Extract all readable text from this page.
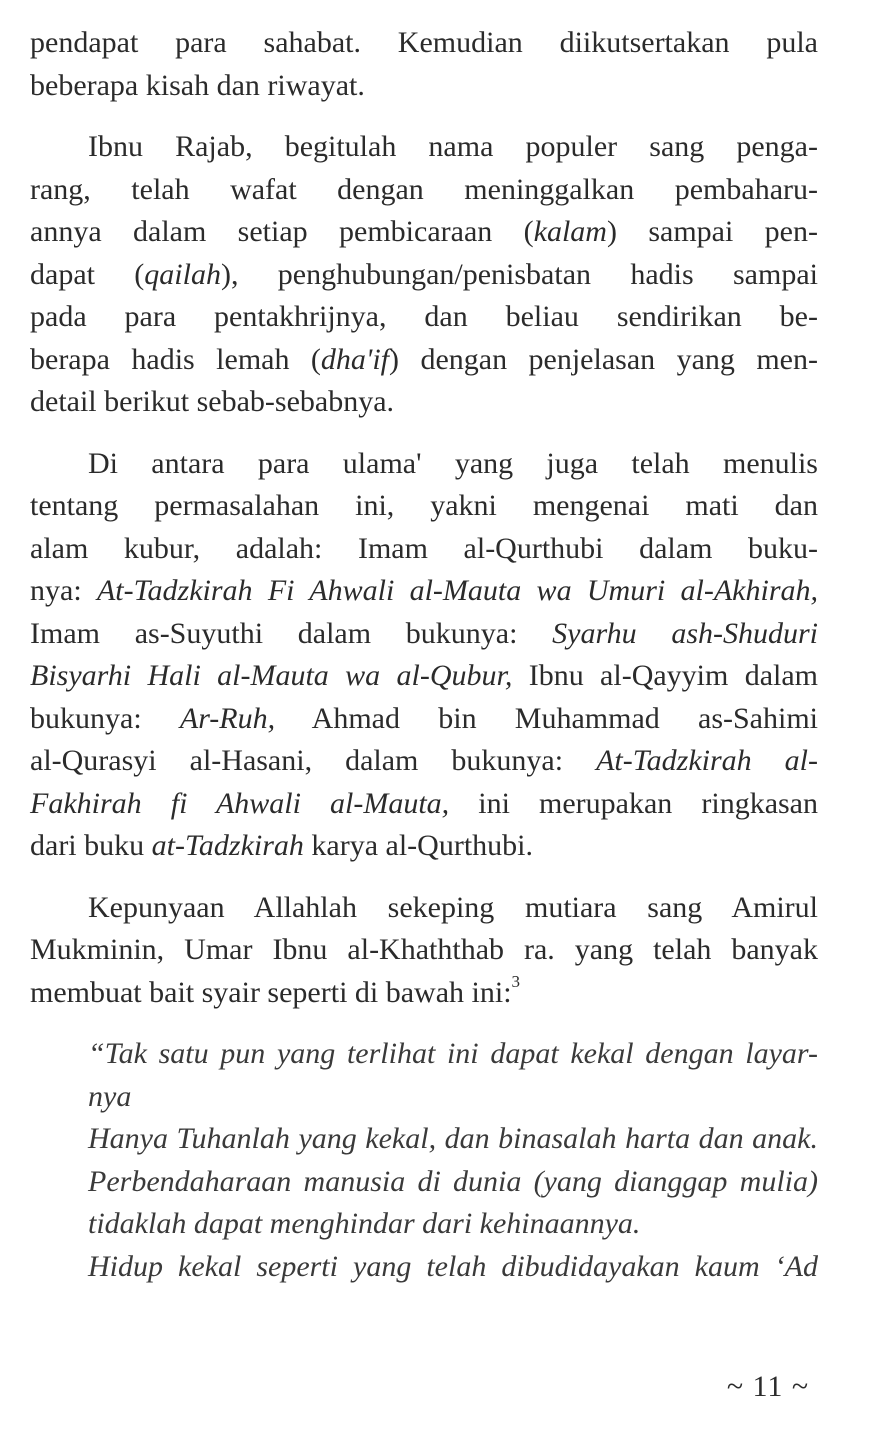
pendapat para sahabat. Kemudian diikutsertakan pula
beberapa kisah dan riwayat.

Ibnu Rajab, begitulah nama populer sang penga-
rang, telah wafat dengan meninggalkan pembaharu-
annya dalam setiap pembicaraan (kalam) sampai pen-
dapat (qailah), penghubungan/penisbatan hadis sampai
pada para pentakhrijnya, dan beliau sendirikan be-
berapa hadis lemah (dha'if) dengan penjelasan yang men-
detail berikut sebab-sebabnya.

Di antara para ulama' yang juga telah menulis
tentang permasalahan ini, yakni mengenai mati dan
alam kubur, adalah: Imam al-Qurthubi dalam buku-
nya: At-Tadzkirah Fi Ahwali al-Mauta wa Umuri al-Akhirah,
Imam as-Suyuthi dalam bukunya: Syarhu ash-Shuduri
Bisyarhi Hali al-Mauta wa al-Qubur, Ibnu al-Qayyim dalam
bukunya: Ar-Ruh, Ahmad bin Muhammad as-Sahimi
al-Qurasyi al-Hasani, dalam bukunya: At-Tadzkirah al-
Fakhirah fi Ahwali al-Mauta, ini merupakan ringkasan
dari buku at-Tadzkirah karya al-Qurthubi.

Kepunyaan Allahlah sekeping mutiara sang Amirul
Mukminin, Umar Ibnu al-Khaththab ra. yang telah banyak
membuat bait syair seperti di bawah ini:$^3$

“Tak satu pun yang terlihat ini dapat kekal dengan layar-
nya
Hanya Tuhanlah yang kekal, dan binasalah harta dan anak.
Perbendaharaan manusia di dunia (yang dianggap mulia)
tidaklah dapat menghindar dari kehinaannya.
Hidup kekal seperti yang telah dibudidayakan kaum ‘Ad
~ 11 ~
